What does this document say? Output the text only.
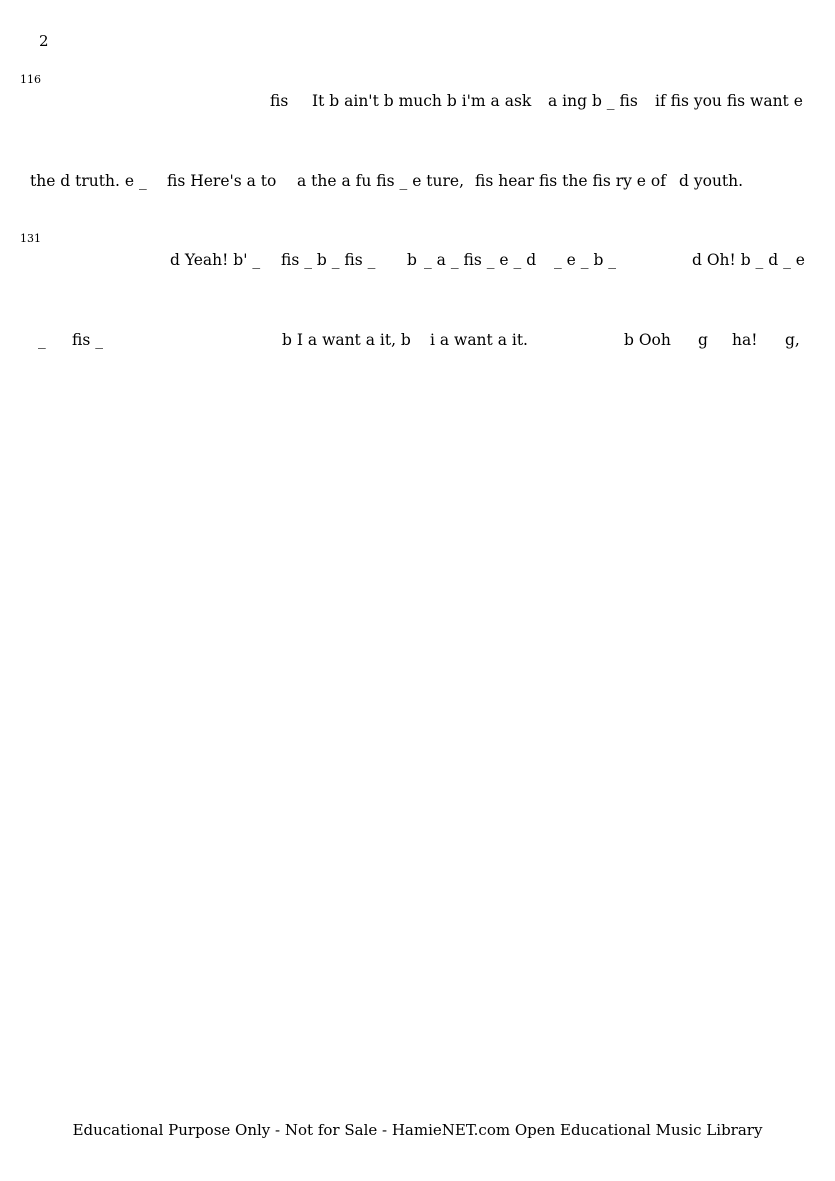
2
116
131
fis It b ain't b much b i'm a ask a ing b _ fis if fis you fis want e
the d truth. e _ fis Here's a to a the a fu fis _ e ture, fis hear fis the fis ry e of d youth.
d Yeah! b' _ fis _ b _ fis _ b _ a _ fis _ e _ d _ e _ b _	d Oh! b _ d _ e
_ fis _	b I a want a it, b i a want a it.	b Ooh g ha! g,
Educational Purpose Only - Not for Sale - HamieNET.com Open Educational Music Library
